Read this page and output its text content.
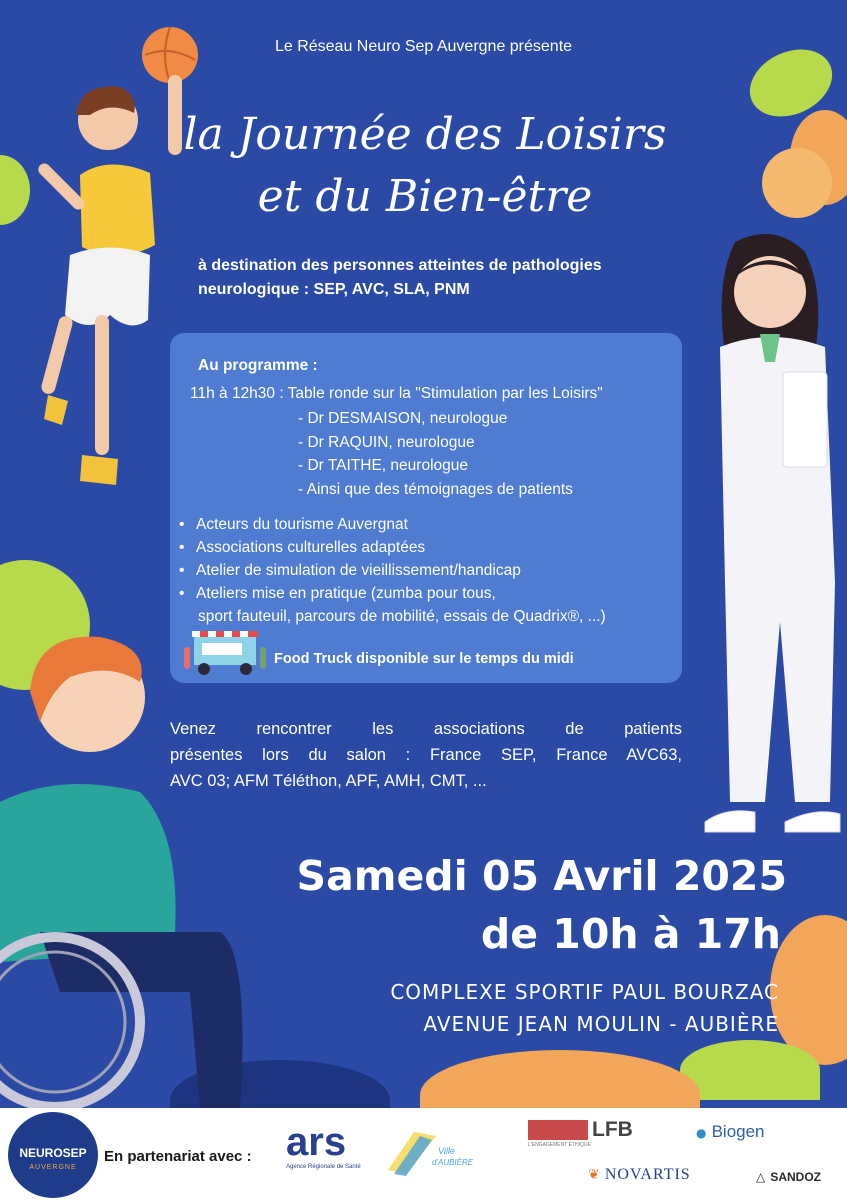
Le Réseau Neuro Sep Auvergne présente
la Journée des Loisirs
et du Bien-être
à destination des personnes atteintes de pathologies
neurologique : SEP, AVC, SLA, PNM
Au programme :
11h à 12h30 : Table ronde sur la "Stimulation par les Loisirs"
- Dr DESMAISON, neurologue
- Dr RAQUIN, neurologue
- Dr TAITHE, neurologue
- Ainsi que des témoignages de patients
• Acteurs du tourisme Auvergnat
• Associations culturelles adaptées
• Atelier de simulation de vieillissement/handicap
• Ateliers mise en pratique (zumba pour tous,
sport fauteuil, parcours de mobilité, essais de Quadrix®, ...)
Food Truck disponible sur le temps du midi
Venez rencontrer les associations de patients
présentes lors du salon : France SEP, France AVC63,
AVC 03; AFM Téléthon, APF, AMH, CMT, ...
Samedi 05 Avril 2025
de 10h à 17h
COMPLEXE SPORTIF PAUL BOURZAC
AVENUE JEAN MOULIN - AUBIÈRE
NEUROSEP
AUVERGNE
En partenariat avec : ars
Agence Régionale de Santé
Ville
d'AUBIÈRE
LFB
L'ENGAGEMENT ÉTHIQUE
● Biogen
❦ NOVARTIS	△ SANDOZ
